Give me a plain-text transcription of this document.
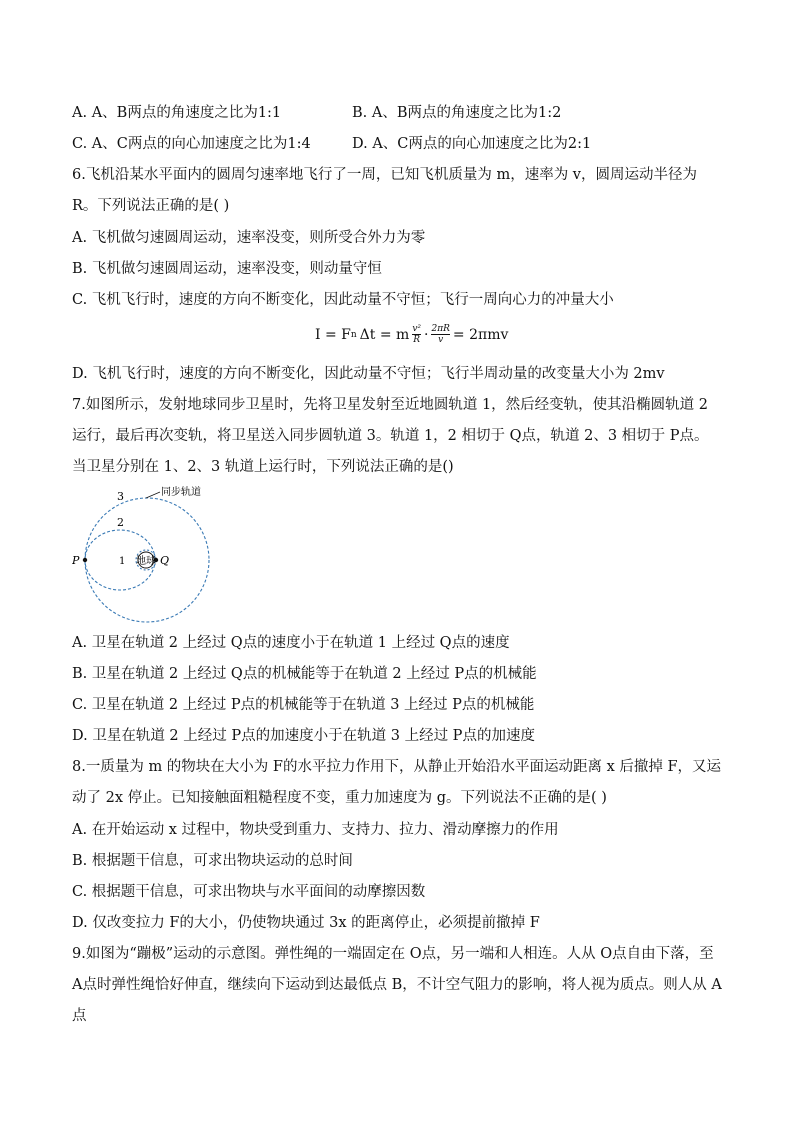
A. A、B两点的角速度之比为1:1	B. A、B两点的角速度之比为1:2
C. A、C两点的向心加速度之比为1:4	D. A、C两点的向心加速度之比为2:1
6.飞机沿某水平面内的圆周匀速率地飞行了一周，已知飞机质量为 m，速率为 v，圆周运动半径为 R。下列说法正确的是( )
A. 飞机做匀速圆周运动，速率没变，则所受合外力为零
B. 飞机做匀速圆周运动，速率没变，则动量守恒
C. 飞机飞行时，速度的方向不断变化，因此动量不守恒；飞行一周向心力的冲量大小
I = F n Δt = m $\frac{\text{v²}}{R} \cdot \frac{2\pi R}{v} = 2\pi mv$
D. 飞机飞行时，速度的方向不断变化，因此动量不守恒；飞行半周动量的改变量大小为 2mv
7.如图所示，发射地球同步卫星时，先将卫星发射至近地圆轨道 1，然后经变轨，使其沿椭圆轨道 2 运行，最后再次变轨，将卫星送入同步圆轨道 3。轨道 1，2 相切于 Q点，轨道 2、3 相切于 P点。当卫星分别在 1、2、3 轨道上运行时，下列说法正确的是()
3
2
1
同步轨道
地球
P	Q
A. 卫星在轨道 2 上经过 Q点的速度小于在轨道 1 上经过 Q点的速度
B. 卫星在轨道 2 上经过 Q点的机械能等于在轨道 2 上经过 P点的机械能
C. 卫星在轨道 2 上经过 P点的机械能等于在轨道 3 上经过 P点的机械能
D. 卫星在轨道 2 上经过 P点的加速度小于在轨道 3 上经过 P点的加速度
8.一质量为 m 的物块在大小为 F的水平拉力作用下，从静止开始沿水平面运动距离 x 后撤掉 F，又运动了 2x 停止。已知接触面粗糙程度不变，重力加速度为 g。下列说法不正确的是( )
A. 在开始运动 x 过程中，物块受到重力、支持力、拉力、滑动摩擦力的作用
B. 根据题干信息，可求出物块运动的总时间
C. 根据题干信息，可求出物块与水平面间的动摩擦因数
D. 仅改变拉力 F的大小，仍使物块通过 3x 的距离停止，必须提前撤掉 F
9.如图为“蹦极”运动的示意图。弹性绳的一端固定在 O点，另一端和人相连。人从 O点自由下落，至 A点时弹性绳恰好伸直，继续向下运动到达最低点 B，不计空气阻力的影响，将人视为质点。则人从 A点
